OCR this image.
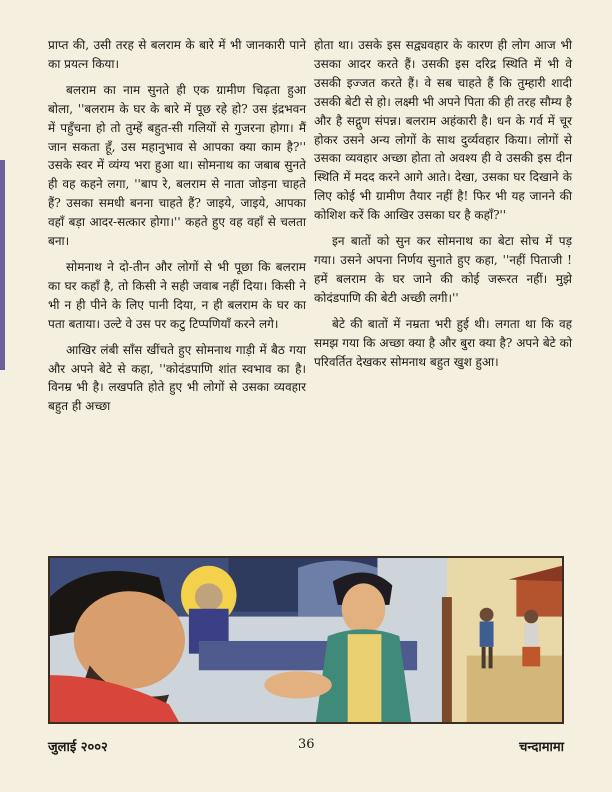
प्राप्त की, उसी तरह से बलराम के बारे में भी जानकारी पाने का प्रयत्न किया।

बलराम का नाम सुनते ही एक ग्रामीण चिढ़ता हुआ बोला, ''बलराम के घर के बारे में पूछ रहे हो? उस इंद्रभवन में पहुँचना हो तो तुम्हें बहुत-सी गलियों से गुजरना होगा। मैं जान सकता हूँ, उस महानुभाव से आपका क्या काम है?'' उसके स्वर में व्यंग्य भरा हुआ था। सोमनाथ का जबाब सुनते ही वह कहने लगा, ''बाप रे, बलराम से नाता जोड़ना चाहते हैं? उसका समधी बनना चाहते हैं? जाइये, जाइये, आपका वहाँ बड़ा आदर-सत्कार होगा।'' कहते हुए वह वहाँ से चलता बना।

सोमनाथ ने दो-तीन और लोगों से भी पूछा कि बलराम का घर कहाँ है, तो किसी ने सही जवाब नहीं दिया। किसी ने भी न ही पीने के लिए पानी दिया, न ही बलराम के घर का पता बताया। उल्टे वे उस पर कटु टिप्पणियाँ करने लगे।

आखिर लंबी साँस खींचते हुए सोमनाथ गाड़ी में बैठ गया और अपने बेटे से कहा, ''कोदंडपाणि शांत स्वभाव का है। विनम्र भी है। लखपति होते हुए भी लोगों से उसका व्यवहार बहुत ही अच्छा

होता था। उसके इस सद्व्यवहार के कारण ही लोग आज भी उसका आदर करते हैं। उसकी इस दरिद्र स्थिति में भी वे उसकी इज्जत करते हैं। वे सब चाहते हैं कि तुम्हारी शादी उसकी बेटी से हो। लक्ष्मी भी अपने पिता की ही तरह सौम्य है और है सद्गुण संपन्न। बलराम अहंकारी है। धन के गर्व में चूर होकर उसने अन्य लोगों के साथ दुर्व्यवहार किया। लोगों से उसका व्यवहार अच्छा होता तो अवश्य ही वे उसकी इस दीन स्थिति में मदद करने आगे आते। देखा, उसका घर दिखाने के लिए कोई भी ग्रामीण तैयार नहीं है! फिर भी यह जानने की कोशिश करें कि आखिर उसका घर है कहाँ?''

इन बातों को सुन कर सोमनाथ का बेटा सोच में पड़ गया। उसने अपना निर्णय सुनाते हुए कहा, ''नहीं पिताजी ! हमें बलराम के घर जाने की कोई जरूरत नहीं। मुझे कोदंडपाणि की बेटी अच्छी लगी।''

बेटे की बातों में नम्रता भरी हुई थी। लगता था कि वह समझ गया कि अच्छा क्या है और बुरा क्या है? अपने बेटे को परिवर्तित देखकर सोमनाथ बहुत खुश हुआ।

जुलाई २००२	36	चन्दामामा
